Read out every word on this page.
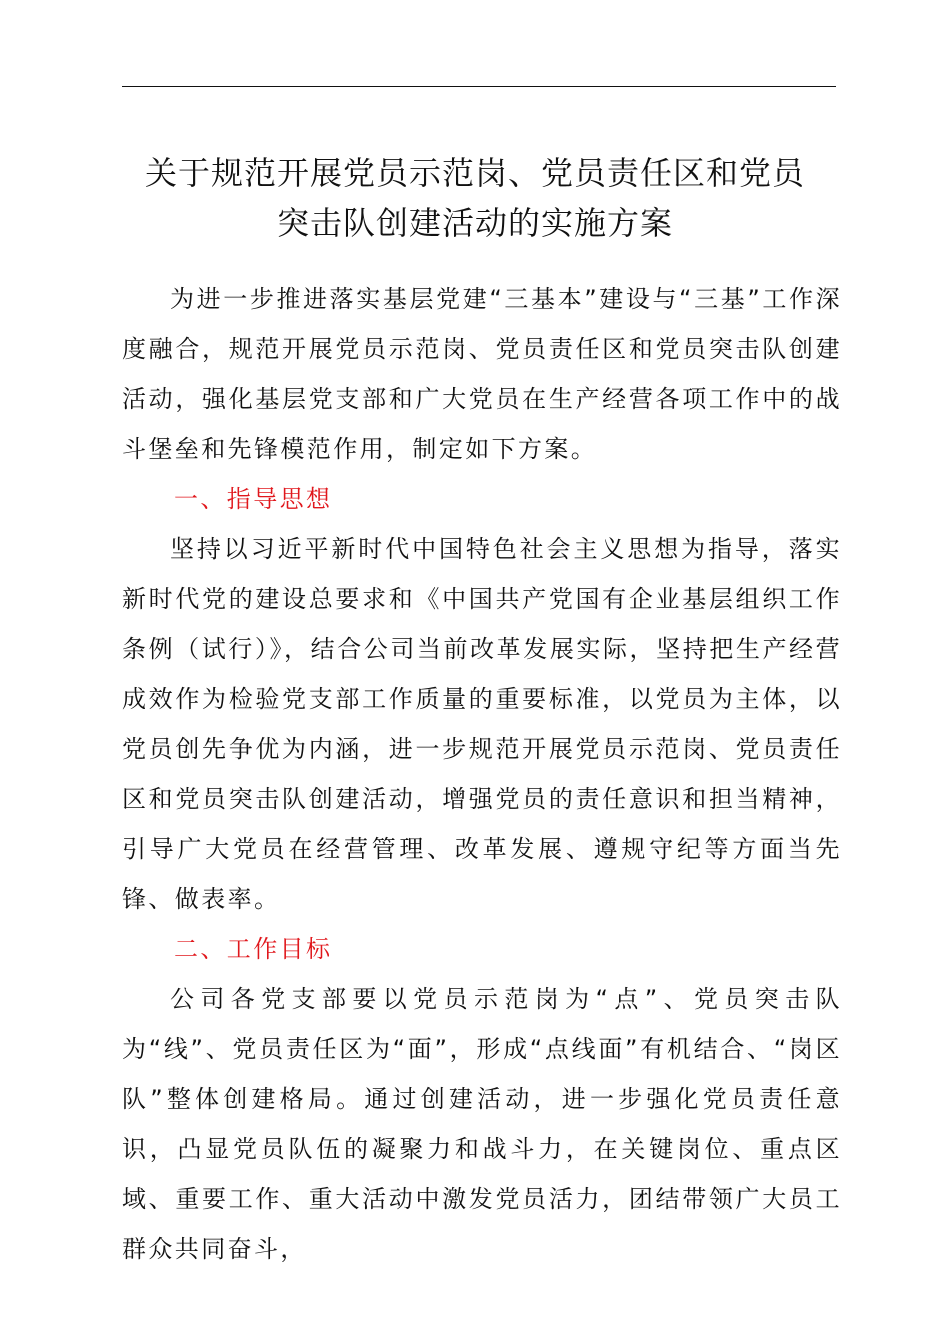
关于规范开展党员示范岗、党员责任区和党员
突击队创建活动的实施方案

为进一步推进落实基层党建“三基本”建设与“三基”工作深度融合，规范开展党员示范岗、党员责任区和党员突击队创建活动，强化基层党支部和广大党员在生产经营各项工作中的战斗堡垒和先锋模范作用，制定如下方案。

一、指导思想

坚持以习近平新时代中国特色社会主义思想为指导，落实新时代党的建设总要求和《中国共产党国有企业基层组织工作条例（试行）》，结合公司当前改革发展实际，坚持把生产经营成效作为检验党支部工作质量的重要标准，以党员为主体，以党员创先争优为内涵，进一步规范开展党员示范岗、党员责任区和党员突击队创建活动，增强党员的责任意识和担当精神，引导广大党员在经营管理、改革发展、遵规守纪等方面当先锋、做表率。

二、工作目标

公司各党支部要以党员示范岗为“点”、党员突击队为“线”、党员责任区为“面”，形成“点线面”有机结合、“岗区队”整体创建格局。通过创建活动，进一步强化党员责任意识，凸显党员队伍的凝聚力和战斗力，在关键岗位、重点区域、重要工作、重大活动中激发党员活力，团结带领广大员工群众共同奋斗，
